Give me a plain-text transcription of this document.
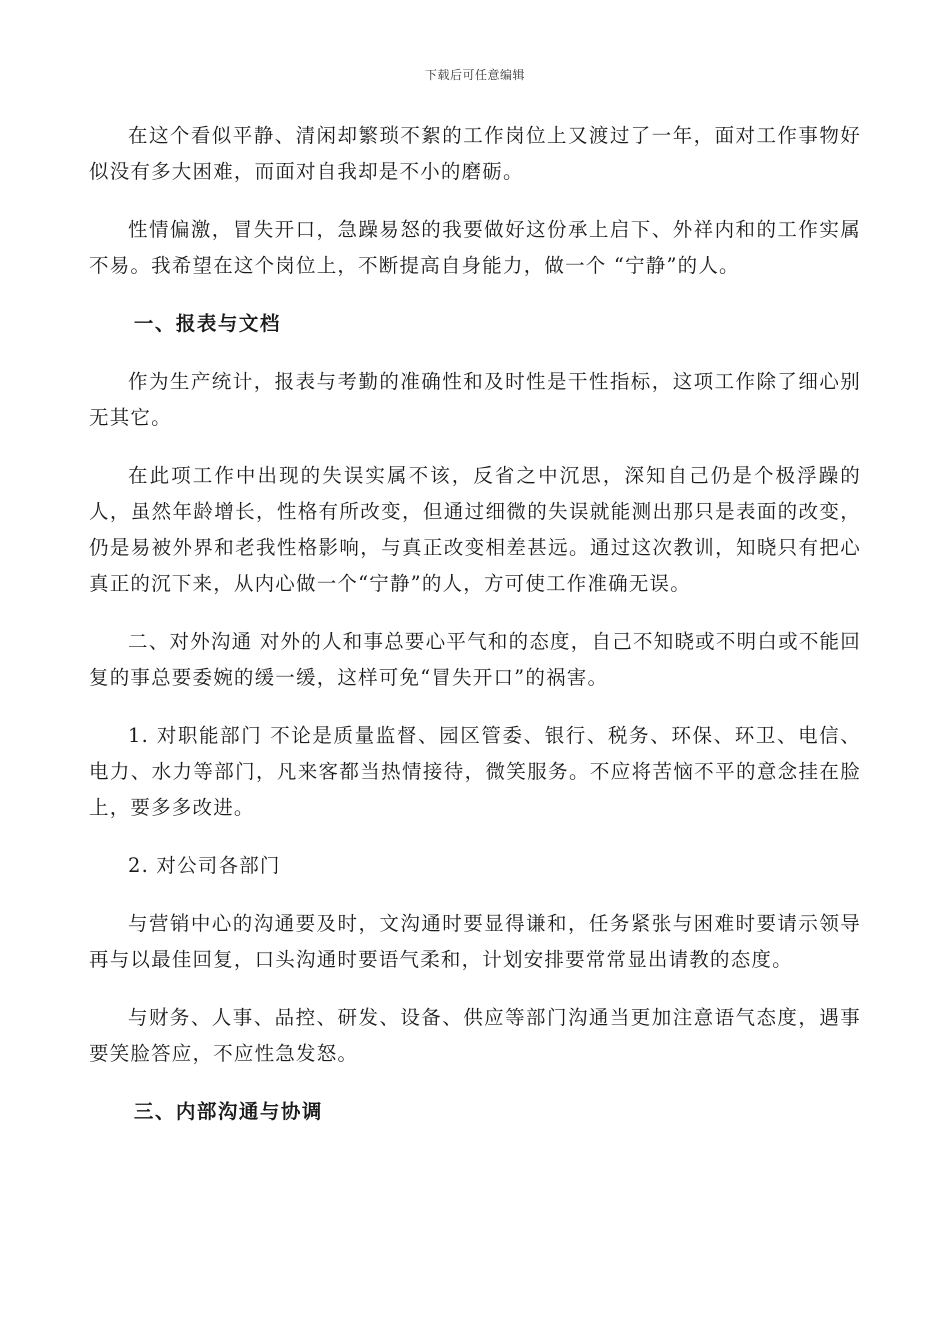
下载后可任意编辑

在这个看似平静、清闲却繁琐不絮的工作岗位上又渡过了一年，面对工作事物好似没有多大困难，而面对自我却是不小的磨砺。

性情偏激，冒失开口，急躁易怒的我要做好这份承上启下、外祥内和的工作实属不易。我希望在这个岗位上，不断提高自身能力，做一个 “宁静”的人。

一、报表与文档

作为生产统计，报表与考勤的准确性和及时性是干性指标，这项工作除了细心别无其它。

在此项工作中出现的失误实属不该，反省之中沉思，深知自己仍是个极浮躁的人，虽然年龄增长，性格有所改变，但通过细微的失误就能测出那只是表面的改变，仍是易被外界和老我性格影响，与真正改变相差甚远。通过这次教训，知晓只有把心真正的沉下来，从内心做一个“宁静”的人，方可使工作准确无误。

二、对外沟通 对外的人和事总要心平气和的态度，自己不知晓或不明白或不能回复的事总要委婉的缓一缓，这样可免“冒失开口”的祸害。

1. 对职能部门 不论是质量监督、园区管委、银行、税务、环保、环卫、电信、电力、水力等部门，凡来客都当热情接待，微笑服务。不应将苦恼不平的意念挂在脸上，要多多改进。

2. 对公司各部门

与营销中心的沟通要及时，文沟通时要显得谦和，任务紧张与困难时要请示领导再与以最佳回复，口头沟通时要语气柔和，计划安排要常常显出请教的态度。

与财务、人事、品控、研发、设备、供应等部门沟通当更加注意语气态度，遇事要笑脸答应，不应性急发怒。

三、内部沟通与协调
